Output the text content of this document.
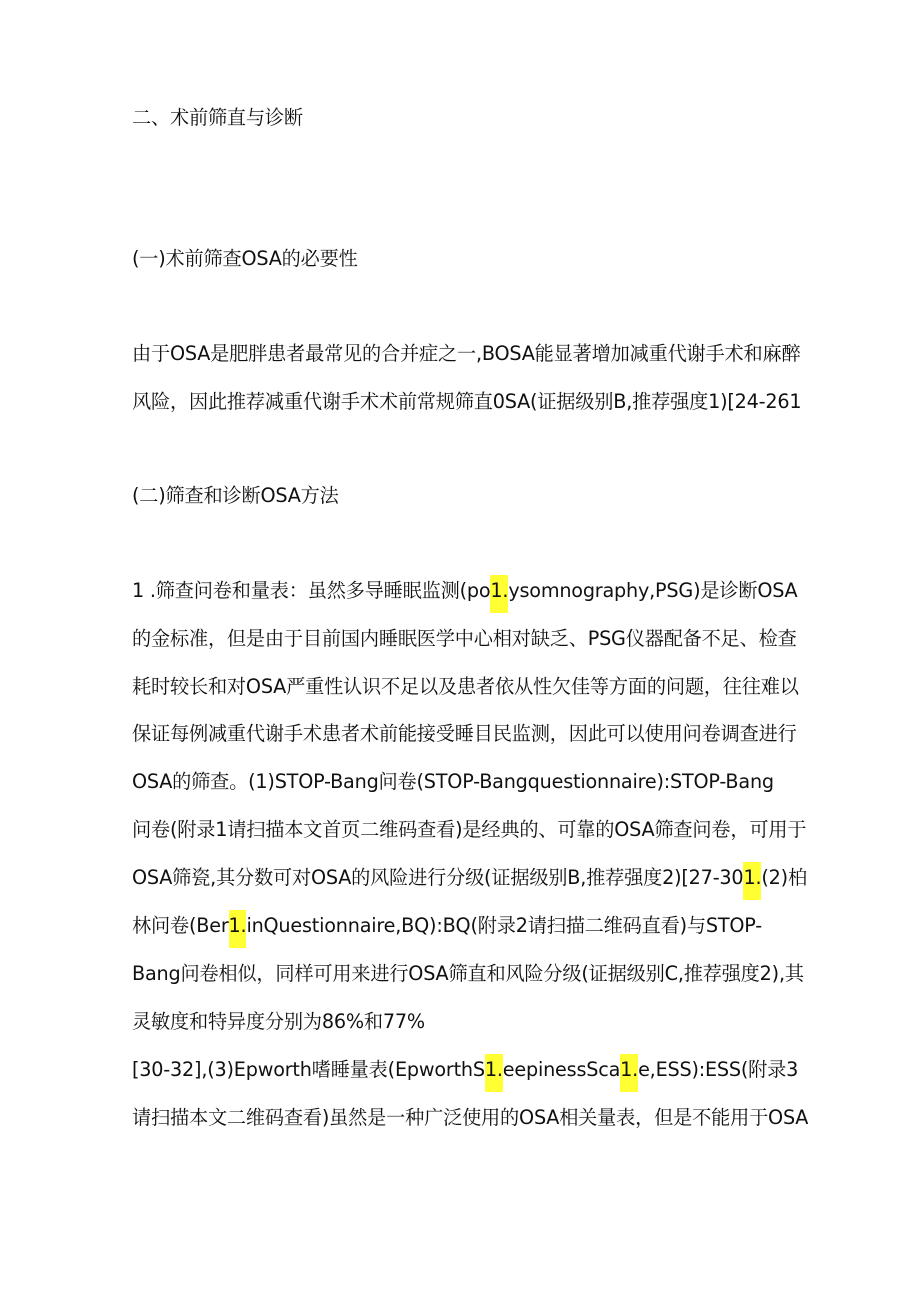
二、术前筛直与诊断
(一)术前筛查OSA的必要性
由于OSA是肥胖患者最常见的合并症之一,BOSA能显著增加减重代谢手术和麻醉
风险，因此推荐减重代谢手术术前常规筛直0SA(证据级别B,推荐强度1)[24-261
(二)筛查和诊断OSA方法
1 .筛查问卷和量表：虽然多导睡眠监测(po1.ysomnography,PSG)是诊断OSA
的金标准，但是由于目前国内睡眠医学中心相对缺乏、PSG仪器配备不足、检查
耗时较长和对OSA严重性认识不足以及患者依从性欠佳等方面的问题，往往难以
保证每例减重代谢手术患者术前能接受睡目民监测，因此可以使用问卷调查进行
OSA的筛查。(1)STOP-Bang问卷(STOP-Bangquestionnaire):STOP-Bang
问卷(附录1请扫描本文首页二维码查看)是经典的、可靠的OSA筛查问卷，可用于
OSA筛瓷,其分数可对OSA的风险进行分级(证据级别B,推荐强度2)[27-301.(2)柏
林问卷(Ber1.inQuestionnaire,BQ):BQ(附录2请扫描二维码直看)与STOP-
Bang问卷相似，同样可用来进行OSA筛直和风险分级(证据级别C,推荐强度2),其
灵敏度和特异度分别为86%和77%
[30-32],(3)Epworth嗜睡量表(EpworthS1.eepinessSca1.e,ESS):ESS(附录3
请扫描本文二维码查看)虽然是一种广泛使用的OSA相关量表，但是不能用于OSA
